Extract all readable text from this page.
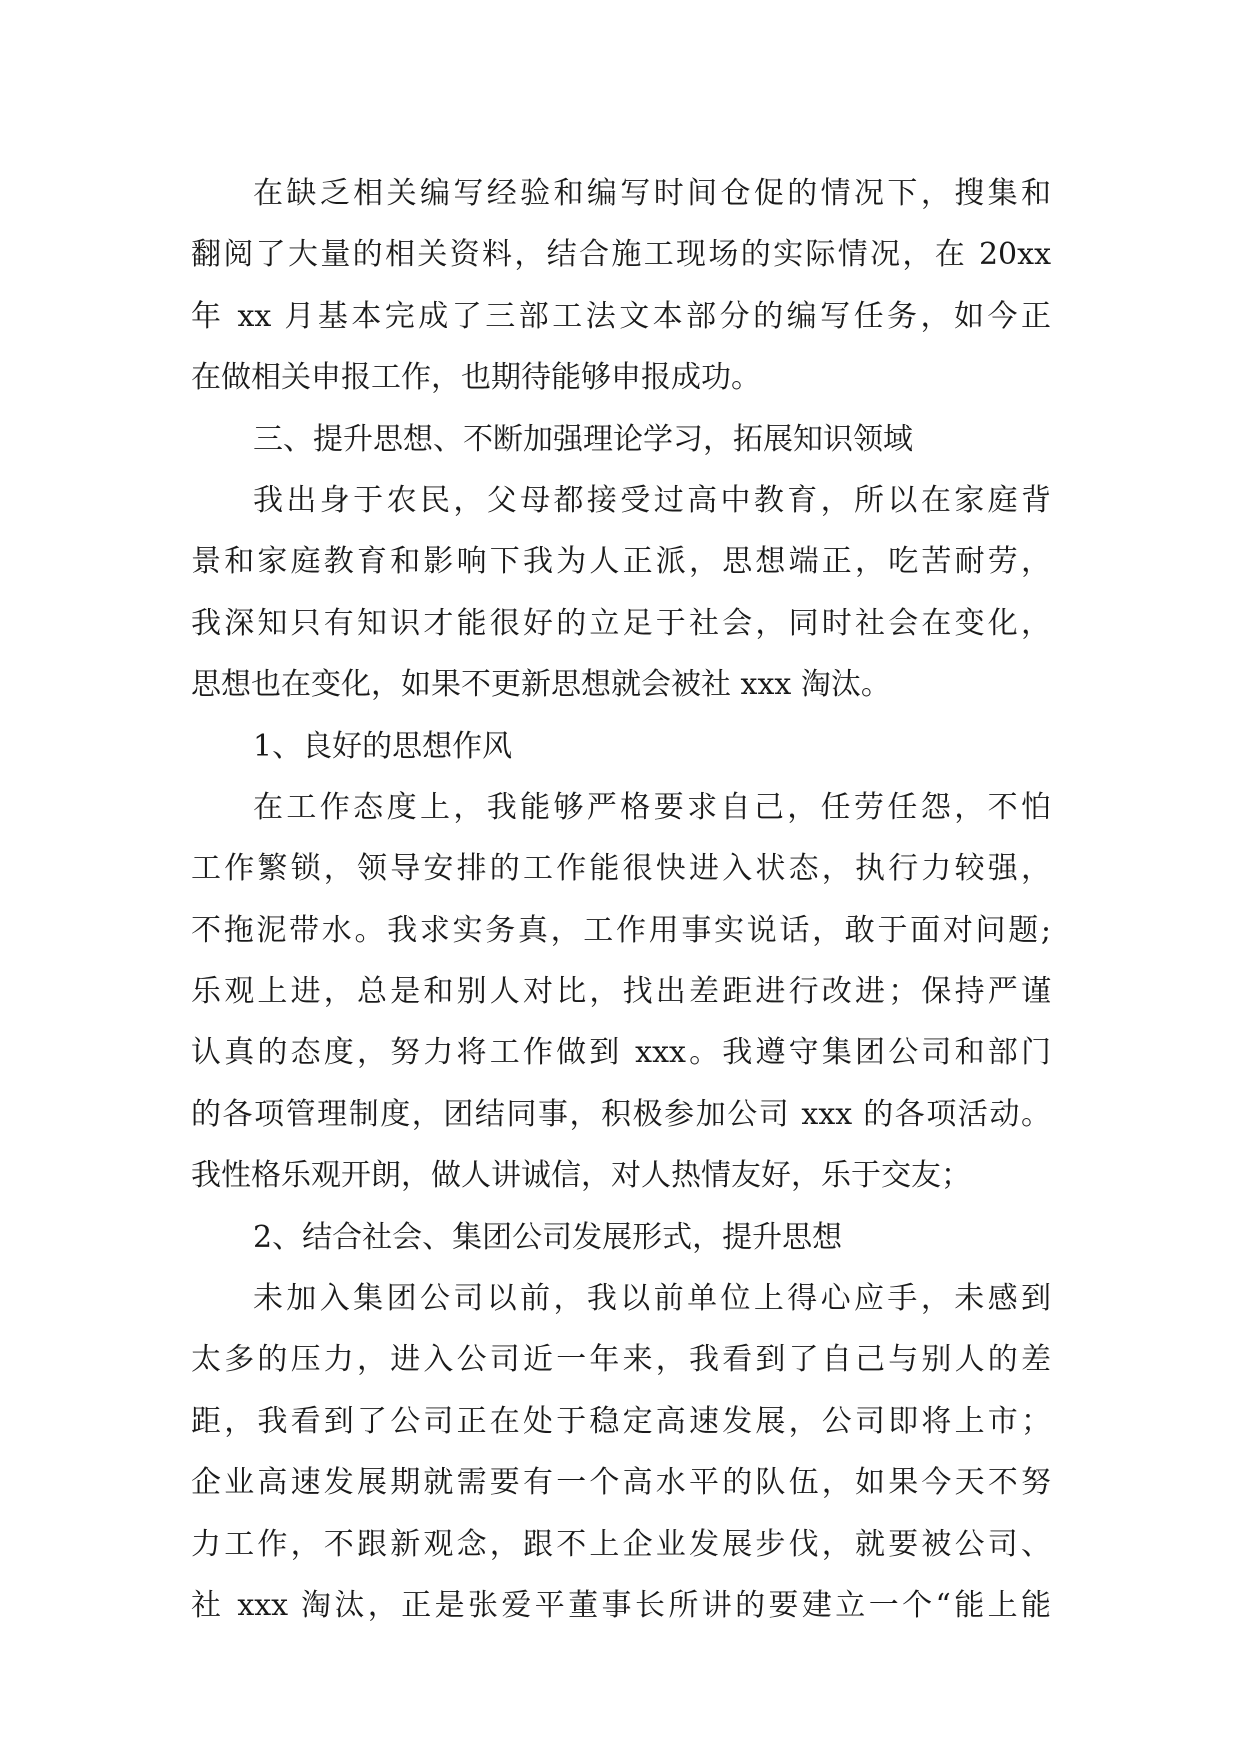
在缺乏相关编写经验和编写时间仓促的情况下，搜集和
翻阅了大量的相关资料，结合施工现场的实际情况，在 20xx
年 xx 月基本完成了三部工法文本部分的编写任务，如今正
在做相关申报工作，也期待能够申报成功。
三、提升思想、不断加强理论学习，拓展知识领域
我出身于农民，父母都接受过高中教育，所以在家庭背
景和家庭教育和影响下我为人正派，思想端正，吃苦耐劳，
我深知只有知识才能很好的立足于社会，同时社会在变化，
思想也在变化，如果不更新思想就会被社 xxx 淘汰。
1、良好的思想作风
在工作态度上，我能够严格要求自己，任劳任怨，不怕
工作繁锁，领导安排的工作能很快进入状态，执行力较强，
不拖泥带水。我求实务真，工作用事实说话，敢于面对问题;
乐观上进，总是和别人对比，找出差距进行改进；保持严谨
认真的态度，努力将工作做到 xxx。我遵守集团公司和部门
的各项管理制度，团结同事，积极参加公司 xxx 的各项活动。
我性格乐观开朗，做人讲诚信，对人热情友好，乐于交友；
2、结合社会、集团公司发展形式，提升思想
未加入集团公司以前，我以前单位上得心应手，未感到
太多的压力，进入公司近一年来，我看到了自己与别人的差
距，我看到了公司正在处于稳定高速发展，公司即将上市；
企业高速发展期就需要有一个高水平的队伍，如果今天不努
力工作，不跟新观念，跟不上企业发展步伐，就要被公司、
社 xxx 淘汰，正是张爱平董事长所讲的要建立一个“能上能
